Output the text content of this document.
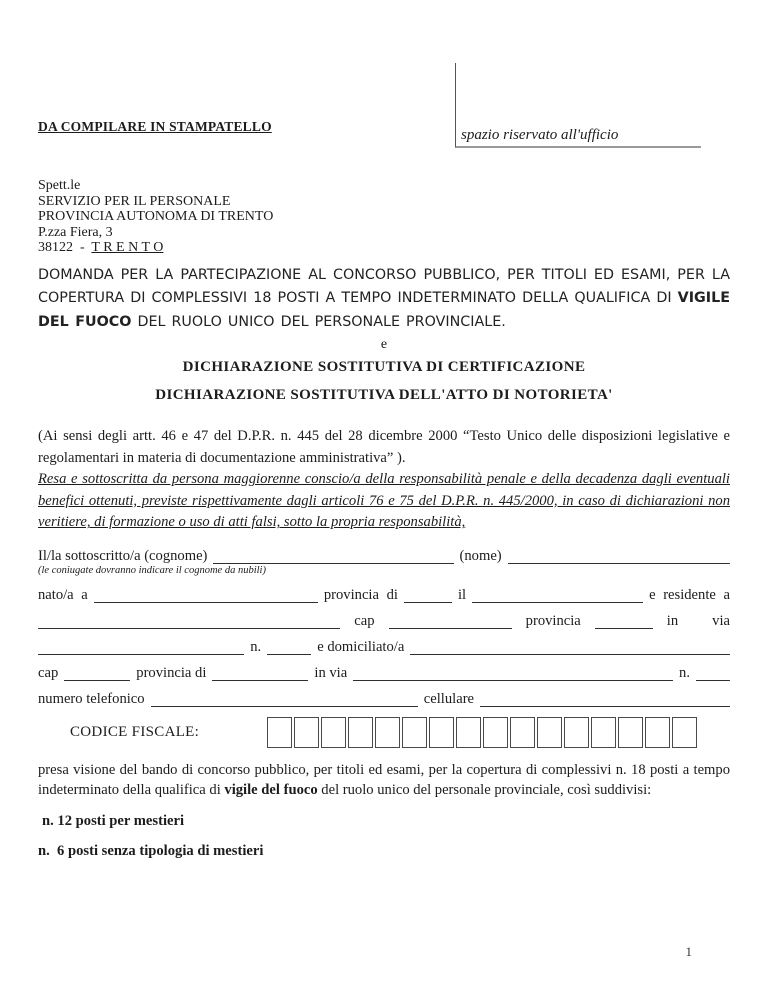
DA COMPILARE IN STAMPATELLO
spazio riservato all'ufficio
Spett.le
SERVIZIO PER IL PERSONALE
PROVINCIA AUTONOMA DI TRENTO
P.zza Fiera, 3
38122  -  T R E N T O

DOMANDA PER LA PARTECIPAZIONE AL CONCORSO PUBBLICO, PER TITOLI ED ESAMI, PER LA COPERTURA DI COMPLESSIVI 18 POSTI A TEMPO INDETERMINATO DELLA QUALIFICA DI VIGILE DEL FUOCO DEL RUOLO UNICO DEL PERSONALE PROVINCIALE.

e
DICHIARAZIONE SOSTITUTIVA DI CERTIFICAZIONE
DICHIARAZIONE SOSTITUTIVA DELL'ATTO DI NOTORIETA'

(Ai sensi degli artt. 46 e 47 del D.P.R. n. 445 del 28 dicembre 2000 “Testo Unico delle disposizioni legislative e regolamentari in materia di documentazione amministrativa” ).

Resa e sottoscritta da persona maggiorenne conscio/a della responsabilità penale e della decadenza dagli eventuali benefici ottenuti, previste rispettivamente dagli articoli 76 e 75 del D.P.R. n. 445/2000, in caso di dichiarazioni non veritiere, di formazione o uso di atti falsi, sotto la propria responsabilità,

Il/la sottoscritto/a (cognome)	(nome)
(le coniugate dovranno indicare il cognome da nubili)
nato/a a	provincia di	il	e residente a
cap	provincia	in via
n.	e domiciliato/a
cap	provincia di	in via	n.
numero telefonico	cellulare
CODICE FISCALE:

presa visione del bando di concorso pubblico, per titoli ed esami, per la copertura di complessivi n. 18 posti a tempo indeterminato della qualifica di vigile del fuoco del ruolo unico del personale provinciale, così suddivisi:

n. 12 posti per mestieri
n.  6 posti senza tipologia di mestieri
1
